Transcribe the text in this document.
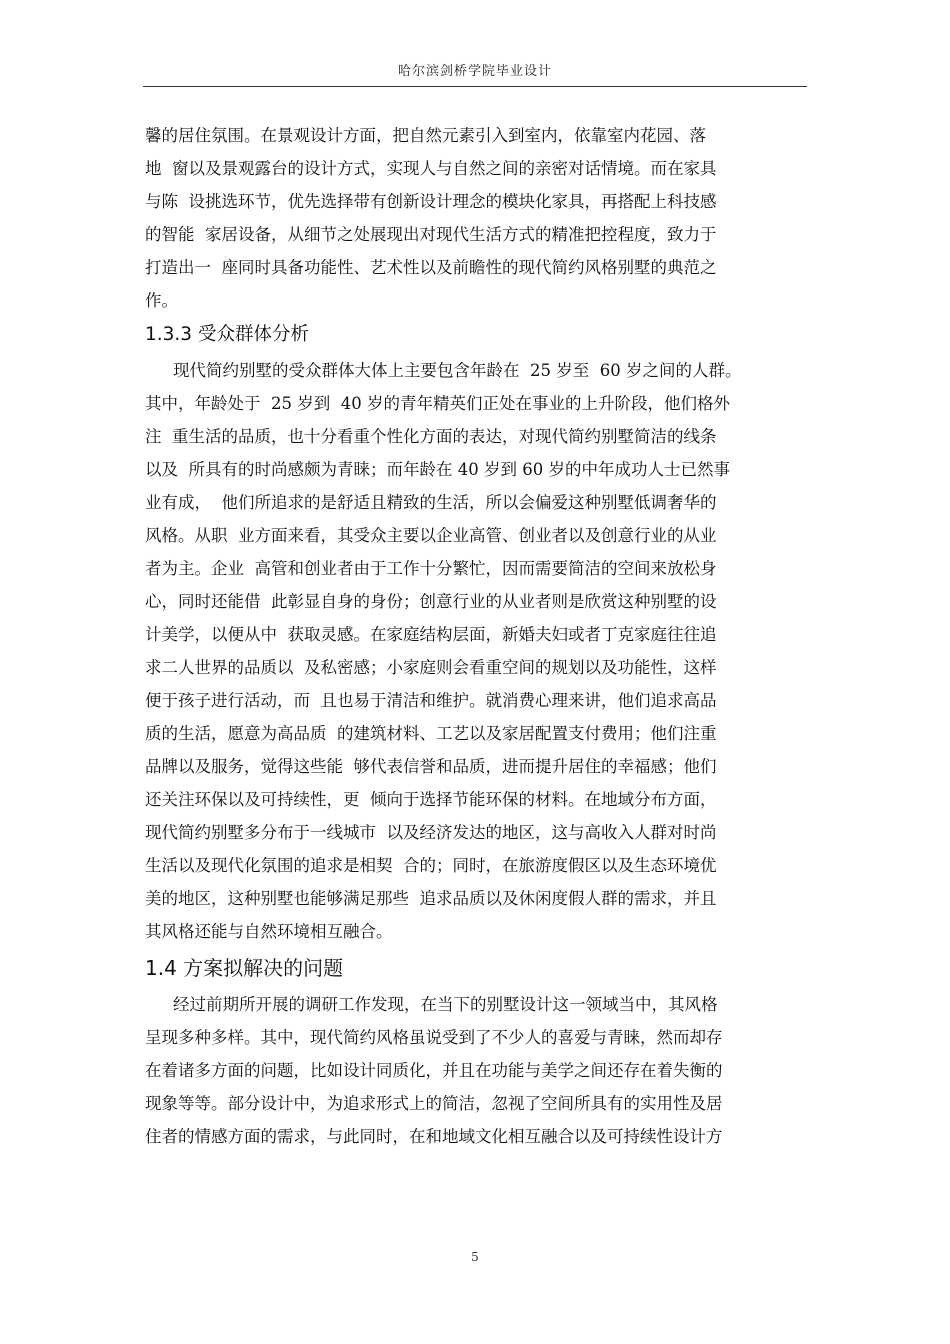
哈尔滨剑桥学院毕业设计
馨的居住氛围。在景观设计方面，把自然元素引入到室内，依靠室内花园、落
地  窗以及景观露台的设计方式，实现人与自然之间的亲密对话情境。而在家具
与陈  设挑选环节，优先选择带有创新设计理念的模块化家具，再搭配上科技感
的智能  家居设备，从细节之处展现出对现代生活方式的精准把控程度，致力于
打造出一  座同时具备功能性、艺术性以及前瞻性的现代简约风格别墅的典范之
作。
1.3.3 受众群体分析
现代简约别墅的受众群体大体上主要包含年龄在  25 岁至  60 岁之间的人群。
其中，年龄处于  25 岁到  40 岁的青年精英们正处在事业的上升阶段，他们格外
注  重生活的品质，也十分看重个性化方面的表达，对现代简约别墅简洁的线条
以及  所具有的时尚感颇为青睐；而年龄在 40 岁到 60 岁的中年成功人士已然事
业有成，  他们所追求的是舒适且精致的生活，所以会偏爱这种别墅低调奢华的
风格。从职  业方面来看，其受众主要以企业高管、创业者以及创意行业的从业
者为主。企业  高管和创业者由于工作十分繁忙，因而需要简洁的空间来放松身
心，同时还能借  此彰显自身的身份；创意行业的从业者则是欣赏这种别墅的设
计美学，以便从中  获取灵感。在家庭结构层面，新婚夫妇或者丁克家庭往往追
求二人世界的品质以  及私密感；小家庭则会看重空间的规划以及功能性，这样
便于孩子进行活动，而  且也易于清洁和维护。就消费心理来讲，他们追求高品
质的生活，愿意为高品质  的建筑材料、工艺以及家居配置支付费用；他们注重
品牌以及服务，觉得这些能  够代表信誉和品质，进而提升居住的幸福感；他们
还关注环保以及可持续性，更  倾向于选择节能环保的材料。在地域分布方面，
现代简约别墅多分布于一线城市  以及经济发达的地区，这与高收入人群对时尚
生活以及现代化氛围的追求是相契  合的；同时，在旅游度假区以及生态环境优
美的地区，这种别墅也能够满足那些  追求品质以及休闲度假人群的需求，并且
其风格还能与自然环境相互融合。
1.4 方案拟解决的问题
经过前期所开展的调研工作发现，在当下的别墅设计这一领域当中，其风格
呈现多种多样。其中，现代简约风格虽说受到了不少人的喜爱与青睐，然而却存
在着诸多方面的问题，比如设计同质化，并且在功能与美学之间还存在着失衡的
现象等等。部分设计中，为追求形式上的简洁，忽视了空间所具有的实用性及居
住者的情感方面的需求，与此同时，在和地域文化相互融合以及可持续性设计方
5
